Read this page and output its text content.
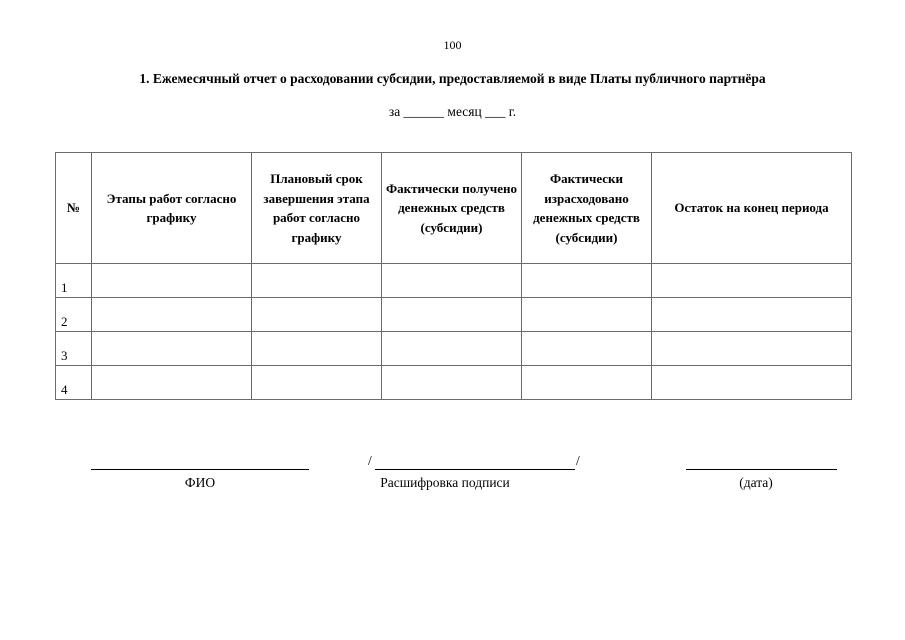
100
1. Ежемесячный отчет о расходовании субсидии, предоставляемой в виде Платы публичного партнёра
за ______ месяц ___ г.
№	Этапы работ согласно графику	Плановый срок завершения этапа работ согласно графику	Фактически получено денежных средств (субсидии)	Фактически израсходовано денежных средств (субсидии)	Остаток на конец периода

1					
2					
3					
4					
ФИО
/	/
Расшифровка подписи	(дата)
